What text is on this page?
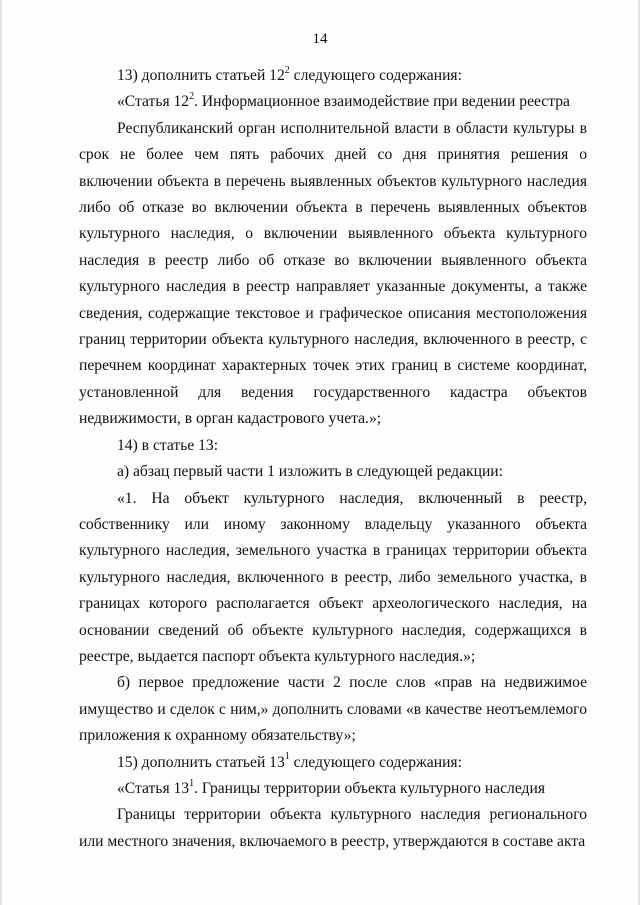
14

13) дополнить статьей $12^2$ следующего содержания:

«Статья $12^2$. Информационное взаимодействие при ведении реестра

Республиканский орган исполнительной власти в области культуры в срок не более чем пять рабочих дней со дня принятия решения о включении объекта в перечень выявленных объектов культурного наследия либо об отказе во включении объекта в перечень выявленных объектов культурного наследия, о включении выявленного объекта культурного наследия в реестр либо об отказе во включении выявленного объекта культурного наследия в реестр направляет указанные документы, а также сведения, содержащие текстовое и графическое описания местоположения границ территории объекта культурного наследия, включенного в реестр, с перечнем координат характерных точек этих границ в системе координат, установленной для ведения государственного кадастра объектов недвижимости, в орган кадастрового учета.»;

14) в статье 13:

а) абзац первый части 1 изложить в следующей редакции:

«1. На объект культурного наследия, включенный в реестр, собственнику или иному законному владельцу указанного объекта культурного наследия, земельного участка в границах территории объекта культурного наследия, включенного в реестр, либо земельного участка, в границах которого располагается объект археологического наследия, на основании сведений об объекте культурного наследия, содержащихся в реестре, выдается паспорт объекта культурного наследия.»;

б) первое предложение части 2 после слов «прав на недвижимое имущество и сделок с ним,» дополнить словами «в качестве неотъемлемого приложения к охранному обязательству»;

15) дополнить статьей $13^1$ следующего содержания:

«Статья $13^1$. Границы территории объекта культурного наследия

Границы территории объекта культурного наследия регионального или местного значения, включаемого в реестр, утверждаются в составе акта
